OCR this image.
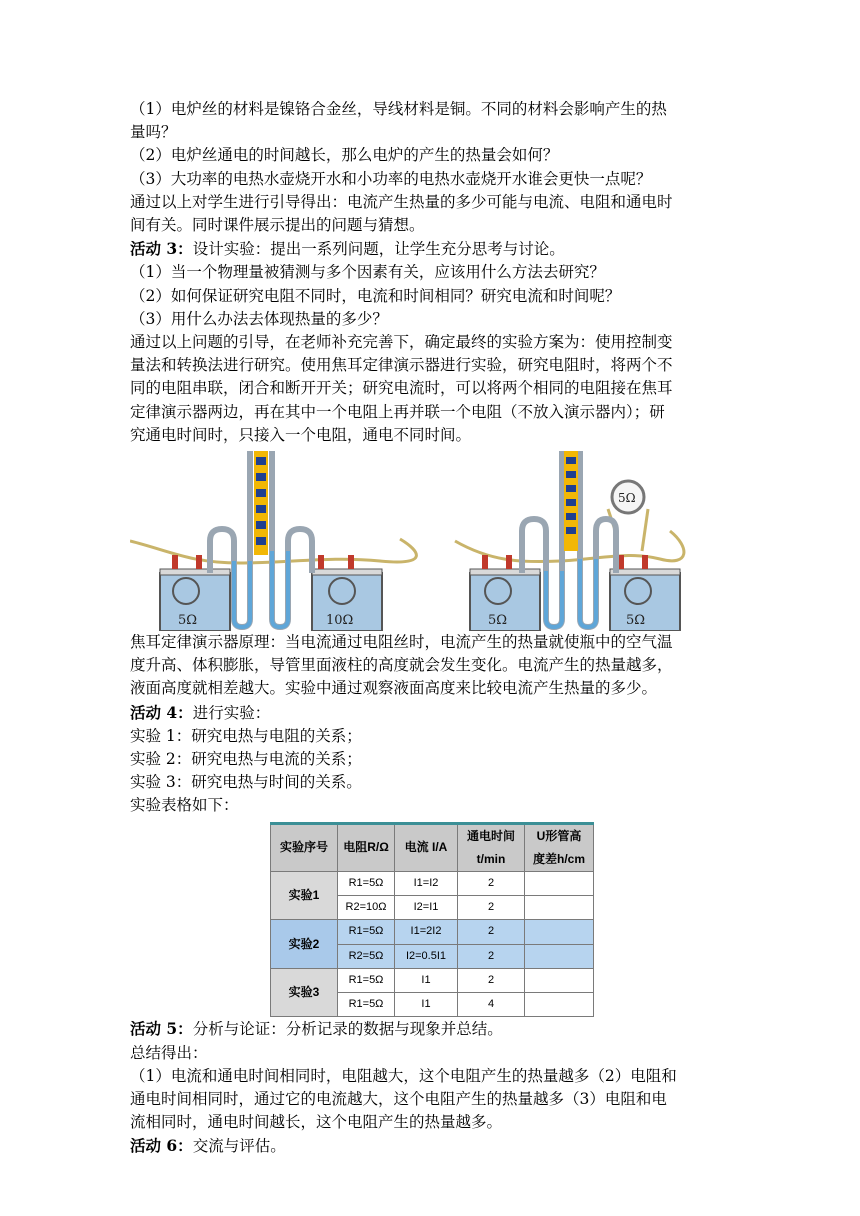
（1）电炉丝的材料是镍铬合金丝，导线材料是铜。不同的材料会影响产生的热

量吗？

（2）电炉丝通电的时间越长，那么电炉的产生的热量会如何？

（3）大功率的电热水壶烧开水和小功率的电热水壶烧开水谁会更快一点呢？

通过以上对学生进行引导得出：电流产生热量的多少可能与电流、电阻和通电时

间有关。同时课件展示提出的问题与猜想。

活动 3：设计实验：提出一系列问题，让学生充分思考与讨论。

（1）当一个物理量被猜测与多个因素有关，应该用什么方法去研究？

（2）如何保证研究电阻不同时，电流和时间相同？研究电流和时间呢？

（3）用什么办法去体现热量的多少？

通过以上问题的引导，在老师补充完善下，确定最终的实验方案为：使用控制变

量法和转换法进行研究。使用焦耳定律演示器进行实验，研究电阻时，将两个不

同的电阻串联，闭合和断开开关；研究电流时，可以将两个相同的电阻接在焦耳

定律演示器两边，再在其中一个电阻上再并联一个电阻（不放入演示器内）；研

究通电时间时，只接入一个电阻，通电不同时间。

5Ω	10Ω
5Ω
5Ω	5Ω

焦耳定律演示器原理：当电流通过电阻丝时，电流产生的热量就使瓶中的空气温

度升高、体积膨胀，导管里面液柱的高度就会发生变化。电流产生的热量越多，

液面高度就相差越大。实验中通过观察液面高度来比较电流产生热量的多少。

活动 4：进行实验：

实验 1：研究电热与电阻的关系；

实验 2：研究电热与电流的关系；

实验 3：研究电热与时间的关系。

实验表格如下：

实验序号	电阻R/Ω	电流 I/A	通电时间
t/min	U形管高
度差h/cm
实验1	R1=5Ω	I1=I2	2	
	R2=10Ω	I2=I1	2	
实验2	R1=5Ω	I1=2I2	2	
	R2=5Ω	I2=0.5I1	2	
实验3	R1=5Ω	I1	2	
	R1=5Ω	I1	4	

活动 5：分析与论证：分析记录的数据与现象并总结。

总结得出：

（1）电流和通电时间相同时，电阻越大，这个电阻产生的热量越多（2）电阻和

通电时间相同时，通过它的电流越大，这个电阻产生的热量越多（3）电阻和电

流相同时，通电时间越长，这个电阻产生的热量越多。

活动 6：交流与评估。
